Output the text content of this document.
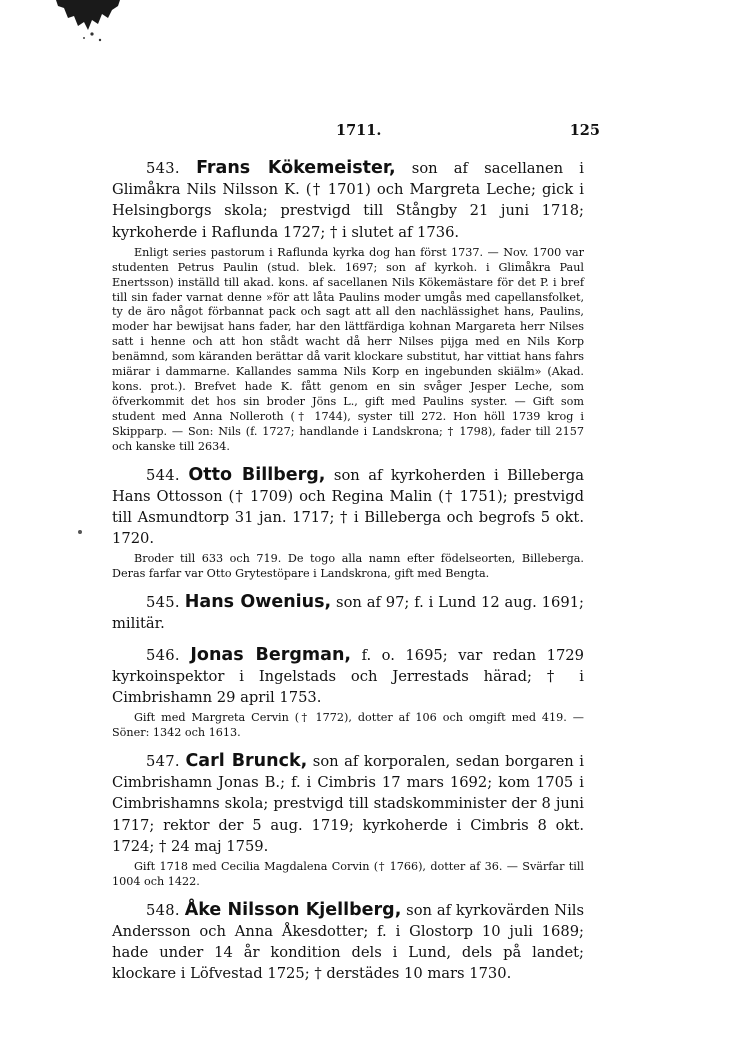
1711.	125

543. Frans Kökemeister, son af sacellanen i Glimåkra Nils Nilsson K. († 1701) och Margreta Leche; gick i Helsingborgs skola; prestvigd till Stångby 21 juni 1718; kyrkoherde i Raflunda 1727; † i slutet af 1736.

Enligt series pastorum i Raflunda kyrka dog han först 1737. — Nov. 1700 var studenten Petrus Paulin (stud. blek. 1697; son af kyrkoh. i Glimåkra Paul Enertsson) inställd till akad. kons. af sacellanen Nils Kökemästare för det P. i bref till sin fader varnat denne »för att låta Paulins moder umgås med capellansfolket, ty de äro något förbannat pack och sagt att all den nachlässighet hans, Paulins, moder har bewijsat hans fader, har den lättfärdiga kohnan Margareta herr Nilses satt i henne och att hon stådt wacht då herr Nilses pijga med en Nils Korp benämnd, som käranden berättar då varit klockare substitut, har vittiat hans fahrs miärar i dammarne. Kallandes samma Nils Korp en ingebunden skiälm» (Akad. kons. prot.). Brefvet hade K. fått genom en sin svåger Jesper Leche, som öfverkommit det hos sin broder Jöns L., gift med Paulins syster. — Gift som student med Anna Nolleroth († 1744), syster till 272. Hon höll 1739 krog i Skipparp. — Son: Nils (f. 1727; handlande i Landskrona; † 1798), fader till 2157 och kanske till 2634.

544. Otto Billberg, son af kyrkoherden i Billeberga Hans Ottosson († 1709) och Regina Malin († 1751); prestvigd till Asmundtorp 31 jan. 1717; † i Billeberga och begrofs 5 okt. 1720.

Broder till 633 och 719. De togo alla namn efter födelseorten, Billeberga. Deras farfar var Otto Grytestöpare i Landskrona, gift med Bengta.

545. Hans Owenius, son af 97; f. i Lund 12 aug. 1691; militär.

546. Jonas Bergman, f. o. 1695; var redan 1729 kyrkoinspektor i Ingelstads och Jerrestads härad; † i Cimbrishamn 29 april 1753.

Gift med Margreta Cervin († 1772), dotter af 106 och omgift med 419. — Söner: 1342 och 1613.

547. Carl Brunck, son af korporalen, sedan borgaren i Cimbrishamn Jonas B.; f. i Cimbris 17 mars 1692; kom 1705 i Cimbrishamns skola; prestvigd till stadskomminister der 8 juni 1717; rektor der 5 aug. 1719; kyrkoherde i Cimbris 8 okt. 1724; † 24 maj 1759.

Gift 1718 med Cecilia Magdalena Corvin († 1766), dotter af 36. — Svärfar till 1004 och 1422.

548. Åke Nilsson Kjellberg, son af kyrkovärden Nils Andersson och Anna Åkesdotter; f. i Glostorp 10 juli 1689; hade under 14 år kondition dels i Lund, dels på landet; klockare i Löfvestad 1725; † derstädes 10 mars 1730.
